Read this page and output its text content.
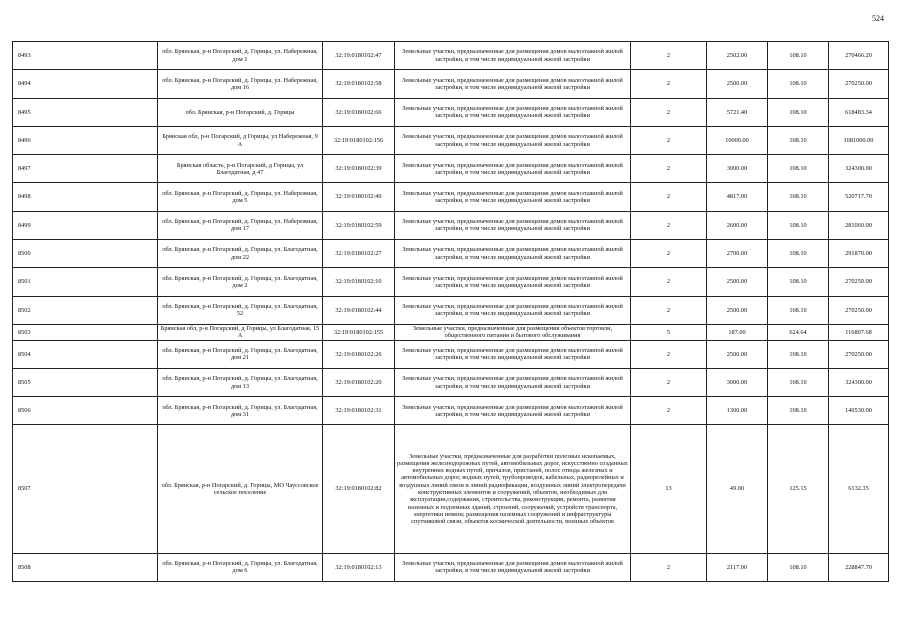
524
8493	обл. Брянская, р-н Погарский, д. Горицы, ул. Набережная, дом 1	32:19:0180102:47	Земельные участки, предназначенные для размещения домов малоэтажной жилой застройки, в том числе индивидуальной жилой застройки	2	2502.00	108.10	270466.20
8494	обл. Брянская, р-н Погарский, д. Горицы, ул. Набережная, дом 16	32:19:0180102:58	Земельные участки, предназначенные для размещения домов малоэтажной жилой застройки, в том числе индивидуальной жилой застройки	2	2500.00	108.10	270250.00
8495	обл. Брянская, р-н Погарский, д. Горицы	32:19:0180102:66	Земельные участки, предназначенные для размещения домов малоэтажной жилой застройки, в том числе индивидуальной жилой застройки	2	5721.40	108.10	618483.34
8496	Брянская обл, р-н Погарский, д Горицы, ул Набережная, 9 А	32:19:0180102:156	Земельные участки, предназначенные для размещения домов малоэтажной жилой застройки, в том числе индивидуальной жилой застройки	2	10000.00	108.10	1081000.00
8497	Брянская область, р-н Погарский, д Горицы, ул Благодатная, д 47	32:19:0180102:39	Земельные участки, предназначенные для размещения домов малоэтажной жилой застройки, в том числе индивидуальной жилой застройки	2	3000.00	108.10	324300.00
8498	обл. Брянская, р-н Погарский, д. Горицы, ул. Набережная, дом 5	32:19:0180102:49	Земельные участки, предназначенные для размещения домов малоэтажной жилой застройки, в том числе индивидуальной жилой застройки	2	4817.00	108.10	520717.70
8499	обл. Брянская, р-н Погарский, д. Горицы, ул. Набережная, дом 17	32:19:0180102:59	Земельные участки, предназначенные для размещения домов малоэтажной жилой застройки, в том числе индивидуальной жилой застройки	2	2600.00	108.10	281060.00
8500	обл. Брянская, р-н Погарский, д. Горицы, ул. Благодатная, дом 22	32:19:0180102:27	Земельные участки, предназначенные для размещения домов малоэтажной жилой застройки, в том числе индивидуальной жилой застройки	2	2700.00	108.10	291870.00
8501	обл. Брянская, р-н Погарский, д. Горицы, ул. Благодатная, дом 2	32:19:0180102:10	Земельные участки, предназначенные для размещения домов малоэтажной жилой застройки, в том числе индивидуальной жилой застройки	2	2500.00	108.10	270250.00
8502	обл. Брянская, р-н Погарский, д. Горицы, ул. Благодатная, 52	32:19:0180102:44	Земельные участки, предназначенные для размещения домов малоэтажной жилой застройки, в том числе индивидуальной жилой застройки	2	2500.00	108.10	270250.00
8503	Брянская обл, р-н Погарский, д Горицы, ул Благодатная, 15 А	32:19:0180102:155	Земельные участки, предназначенные для размещения объектов торговли, общественного питания и бытового обслуживания	5	187.00	624.64	116807.68
8504	обл. Брянская, р-н Погарский, д. Горицы, ул. Благодатная, дом 21	32:19:0180102:26	Земельные участки, предназначенные для размещения домов малоэтажной жилой застройки, в том числе индивидуальной жилой застройки	2	2500.00	108.10	270250.00
8505	обл. Брянская, р-н Погарский, д. Горицы, ул. Благодатная, дом 13	32:19:0180102:20	Земельные участки, предназначенные для размещения домов малоэтажной жилой застройки, в том числе индивидуальной жилой застройки	2	3000.00	108.10	324300.00
8506	обл. Брянская, р-н Погарский, д. Горицы, ул. Благодатная, дом 31	32:19:0180102:31	Земельные участки, предназначенные для размещения домов малоэтажной жилой застройки, в том числе индивидуальной жилой застройки	2	1300.00	108.10	140530.00
8507	обл. Брянская, р-н Погарский, д. Горицы, МО Чауссовское сельское поселение	32:19:0180102:82	Земельные участки, предназначенные для разработки полезных ископаемых, размещения железнодорожных путей, автомобильных дорог, искусственно созданных внутренних водных путей, причалов, пристаней, полос отвода железных и автомобильных дорог, водных путей, трубопроводов, кабельных, радиорелейных и воздушных линий связи и линий радиофикации, воздушных линий электропередачи конструктивных элементов и сооружений, объектов, необходимых для эксплуатации,содержания, строительства, реконструкции, ремонта, развития наземных и подземных зданий, строений, сооружений, устройств транспорта, энергетики иевязи; размещения наземных сооружений и инфраструктуры спутниковой связи, объектов космической деятельности, военных объектов	13	49.00	125.15	6132.35
8508	обл. Брянская, р-н Погарский, д. Горицы, ул. Благодатная, дом 6	32:19:0180102:13	Земельные участки, предназначенные для размещения домов малоэтажной жилой застройки, в том числе индивидуальной жилой застройки	2	2117.00	108.10	228847.70
